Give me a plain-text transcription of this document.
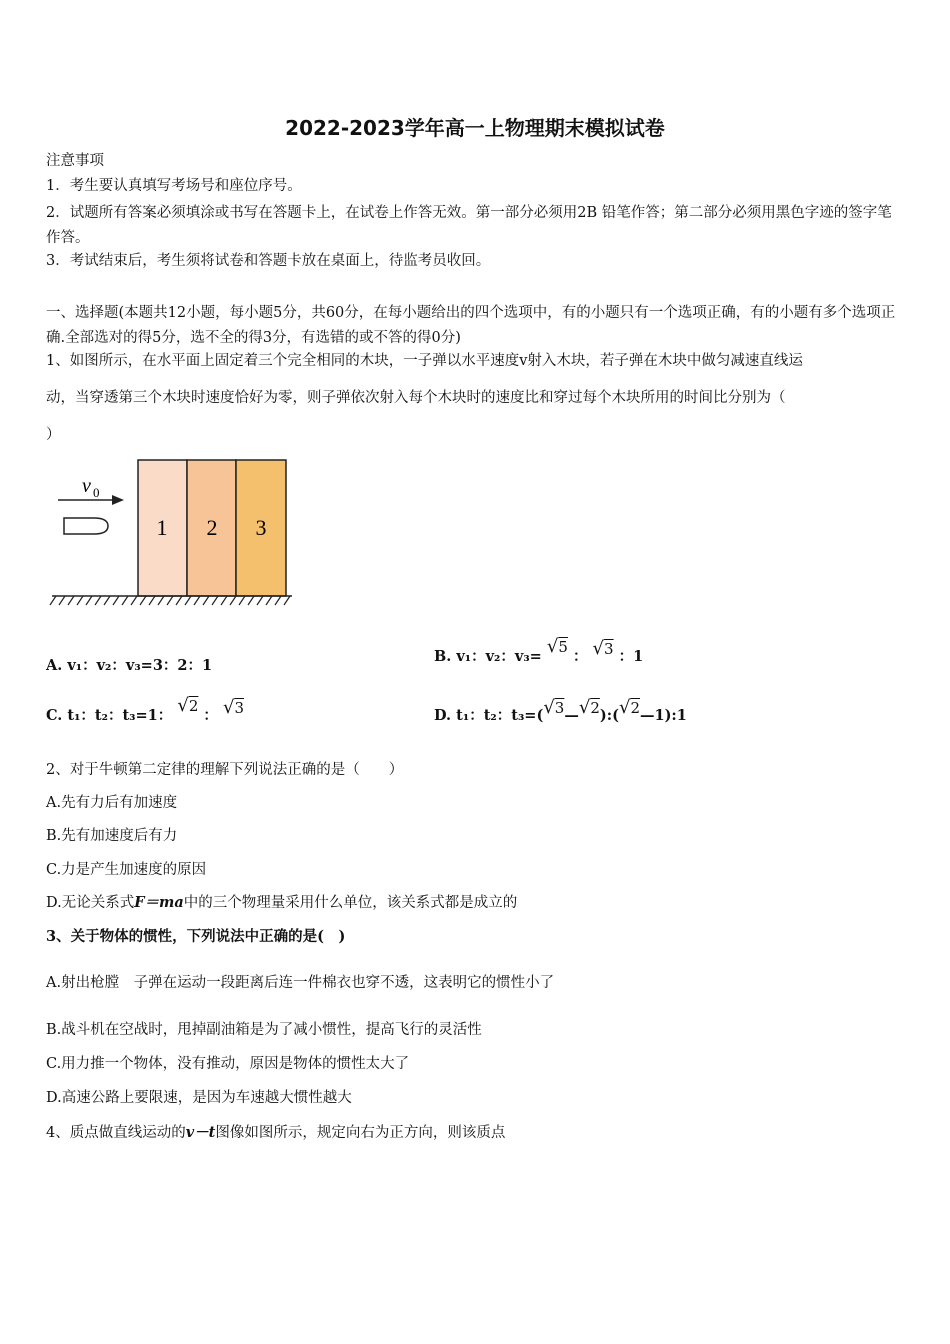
2022-2023学年高一上物理期末模拟试卷
注意事项
1．考生要认真填写考场号和座位序号。
2．试题所有答案必须填涂或书写在答题卡上，在试卷上作答无效。第一部分必须用2B 铅笔作答；第二部分必须用黑色字迹的签字笔作答。
3．考试结束后，考生须将试卷和答题卡放在桌面上，待监考员收回。
一、选择题(本题共12小题，每小题5分，共60分，在每小题给出的四个选项中，有的小题只有一个选项正确，有的小题有多个选项正确.全部选对的得5分，选不全的得3分，有选错的或不答的得0分)
1、如图所示，在水平面上固定着三个完全相同的木块，一子弹以水平速度v射入木块，若子弹在木块中做匀减速直线运
动，当穿透第三个木块时速度恰好为零，则子弹依次射入每个木块时的速度比和穿过每个木块所用的时间比分别为（
）
v 0
1 2 3
A. v₁：v₂：v₃=3：2：1
B. v₁：v₂：v₃= √5 ： √3 ：1
C. t₁：t₂：t₃=1： √2 ： √3	D. t₁：t₂：t₃=(√3—√2):(√2—1):1
2、对于牛顿第二定律的理解下列说法正确的是（　　）
A.先有力后有加速度
B.先有加速度后有力
C.力是产生加速度的原因
D.无论关系式F＝ma中的三个物理量采用什么单位，该关系式都是成立的
3、关于物体的惯性，下列说法中正确的是(　)
A.射出枪膛　子弹在运动一段距离后连一件棉衣也穿不透，这表明它的惯性小了
B.战斗机在空战时，甩掉副油箱是为了减小惯性，提高飞行的灵活性
C.用力推一个物体，没有推动，原因是物体的惯性太大了
D.高速公路上要限速，是因为车速越大惯性越大
4、质点做直线运动的v－t图像如图所示，规定向右为正方向，则该质点
